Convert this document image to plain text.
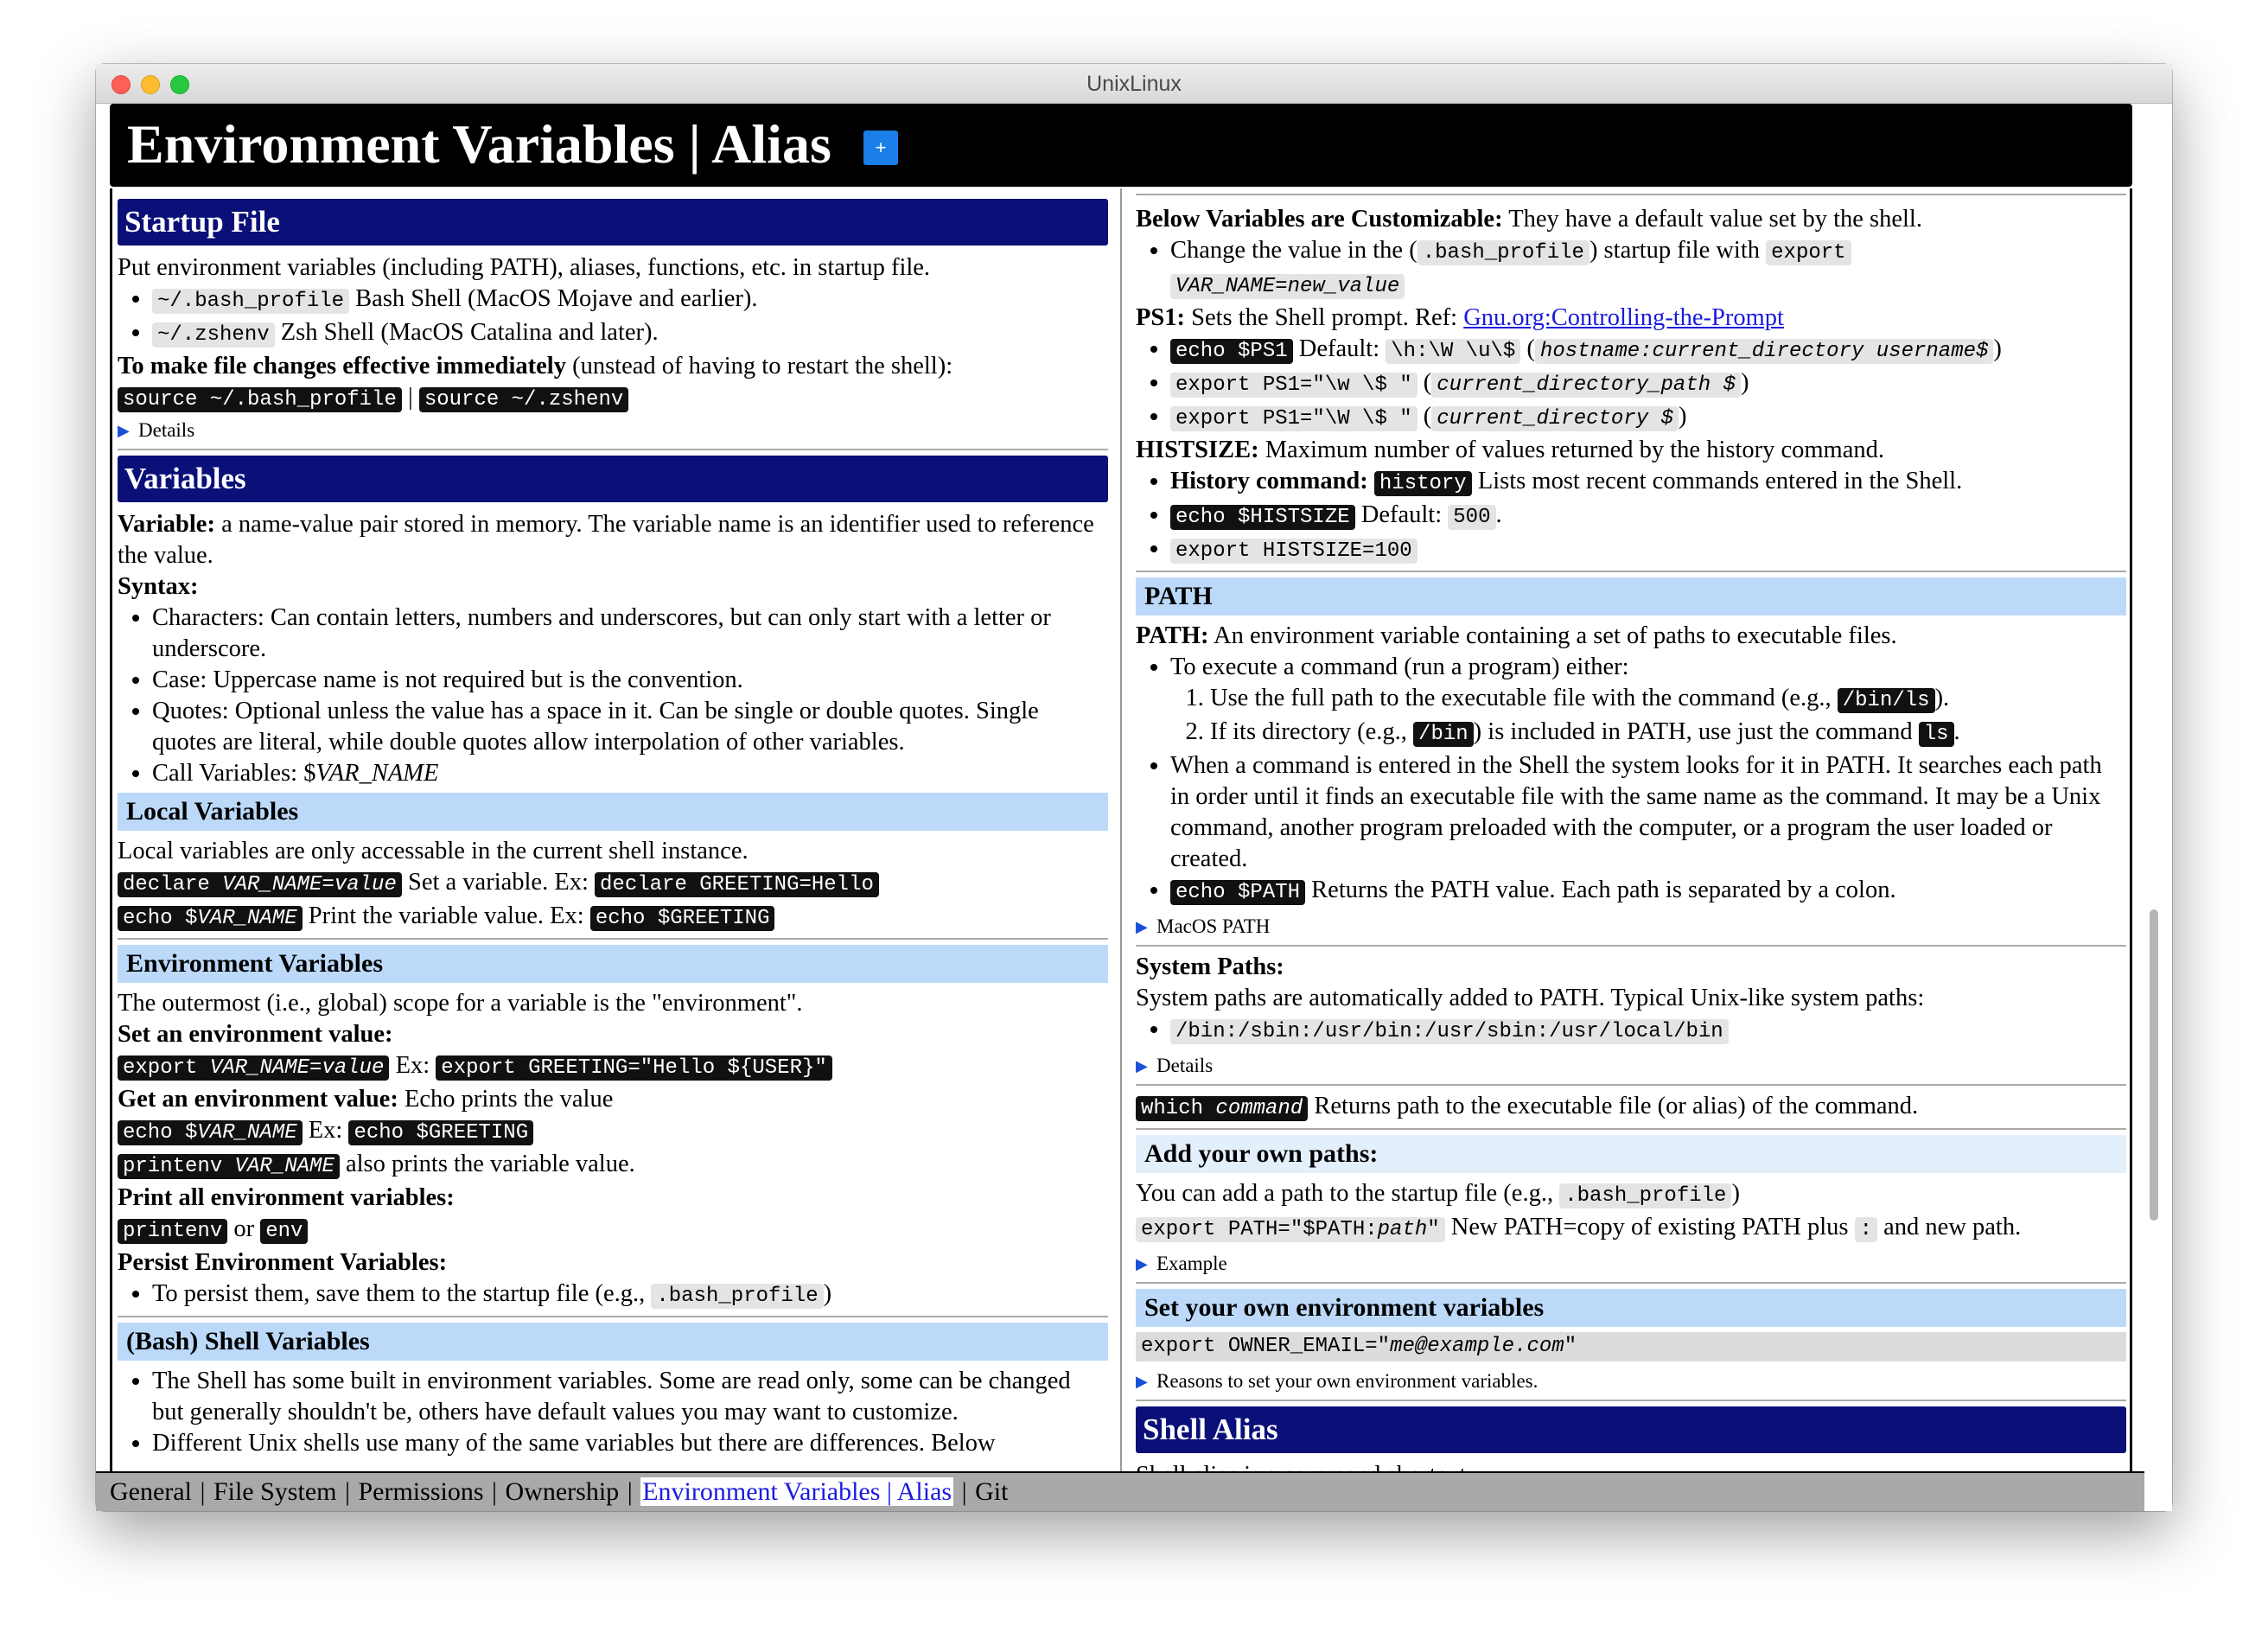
UnixLinux
Environment Variables | Alias	+
Startup File

Put environment variables (including PATH), aliases, functions, etc. in startup file.

• ~/.bash_profile Bash Shell (MacOS Mojave and earlier).
• ~/.zshenv Zsh Shell (MacOS Catalina and later).

To make file changes effective immediately (unstead of having to restart the shell):

source ~/.bash_profile | source ~/.zshenv

▶ Details
Variables

Variable: a name-value pair stored in memory. The variable name is an identifier used to reference the value.

Syntax:

• Characters: Can contain letters, numbers and underscores, but can only start with a letter or underscore.
• Case: Uppercase name is not required but is the convention.
• Quotes: Optional unless the value has a space in it. Can be single or double quotes. Single quotes are literal, while double quotes allow interpolation of other variables.
• Call Variables: $VAR_NAME
Local Variables

Local variables are only accessable in the current shell instance.

declare VAR_NAME=value Set a variable. Ex: declare GREETING=Hello

echo $VAR_NAME Print the variable value. Ex: echo $GREETING

Environment Variables

The outermost (i.e., global) scope for a variable is the "environment".

Set an environment value:

export VAR_NAME=value Ex: export GREETING="Hello ${USER}"

Get an environment value: Echo prints the value

echo $VAR_NAME Ex: echo $GREETING

printenv VAR_NAME also prints the variable value.

Print all environment variables:

printenv or env

Persist Environment Variables:

• To persist them, save them to the startup file (e.g., .bash_profile )
(Bash) Shell Variables
• The Shell has some built in environment variables. Some are read only, some can be changed but generally shouldn't be, others have default values you may want to customize.
• Different Unix shells use many of the same variables but there are differences. Below

Below Variables are Customizable: They have a default value set by the shell.

• Change the value in the ( .bash_profile ) startup file with export
VAR_NAME=new_value

PS1: Sets the Shell prompt. Ref: Gnu.org:Controlling-the-Prompt

• echo $PS1 Default: \h:\W \u\$ ( hostname:current_directory username$ )
• export PS1="\w \$ " ( current_directory_path $ )
• export PS1="\W \$ " ( current_directory $ )

HISTSIZE: Maximum number of values returned by the history command.

• History command: history Lists most recent commands entered in the Shell.
• echo $HISTSIZE Default: 500 .
• export HISTSIZE=100
PATH

PATH: An environment variable containing a set of paths to executable files.

• To execute a command (run a program) either:
1. Use the full path to the executable file with the command (e.g., /bin/ls ).
2. If its directory (e.g., /bin ) is included in PATH, use just the command ls .
• When a command is entered in the Shell the system looks for it in PATH. It searches each path in order until it finds an executable file with the same name as the command. It may be a Unix command, another program preloaded with the computer, or a program the user loaded or created.
• echo $PATH Returns the PATH value. Each path is separated by a colon.
▶ MacOS PATH

System Paths:

System paths are automatically added to PATH. Typical Unix-like system paths:

• /bin:/sbin:/usr/bin:/usr/sbin:/usr/local/bin
▶ Details

which command Returns path to the executable file (or alias) of the command.

Add your own paths:

You can add a path to the startup file (e.g., .bash_profile )

export PATH="$PATH:path" New PATH=copy of existing PATH plus : and new path.

▶ Example
Set your own environment variables
export OWNER_EMAIL="me@example.com"
▶ Reasons to set your own environment variables.
Shell Alias

General | File System | Permissions | Ownership | Environment Variables | Alias | Git
